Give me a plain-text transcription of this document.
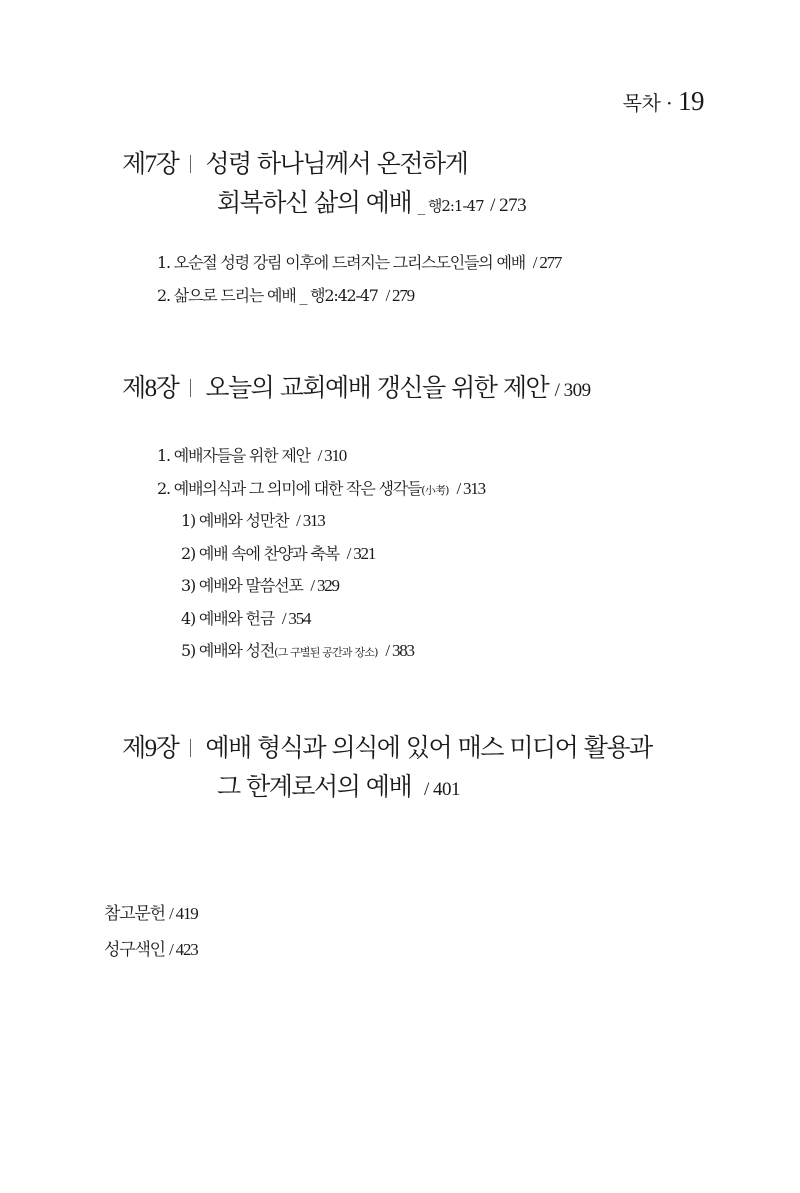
목차 · 19
제7장 성령 하나님께서 온전하게
회복하신 삶의 예배 _ 행2:1-47 / 273
1. 오순절 성령 강림 이후에 드려지는 그리스도인들의 예배 / 277
2. 삶으로 드리는 예배 _ 행2:42-47 / 279
제8장 오늘의 교회예배 갱신을 위한 제안 / 309
1. 예배자들을 위한 제안 / 310
2. 예배의식과 그 의미에 대한 작은 생각들(小考) / 313
1) 예배와 성만찬 / 313
2) 예배 속에 찬양과 축복 / 321
3) 예배와 말씀선포 / 329
4) 예배와 헌금 / 354
5) 예배와 성전(그 구별된 공간과 장소) / 383
제9장 예배 형식과 의식에 있어 매스 미디어 활용과
그 한계로서의 예배 / 401
참고문헌 / 419
성구색인 / 423
